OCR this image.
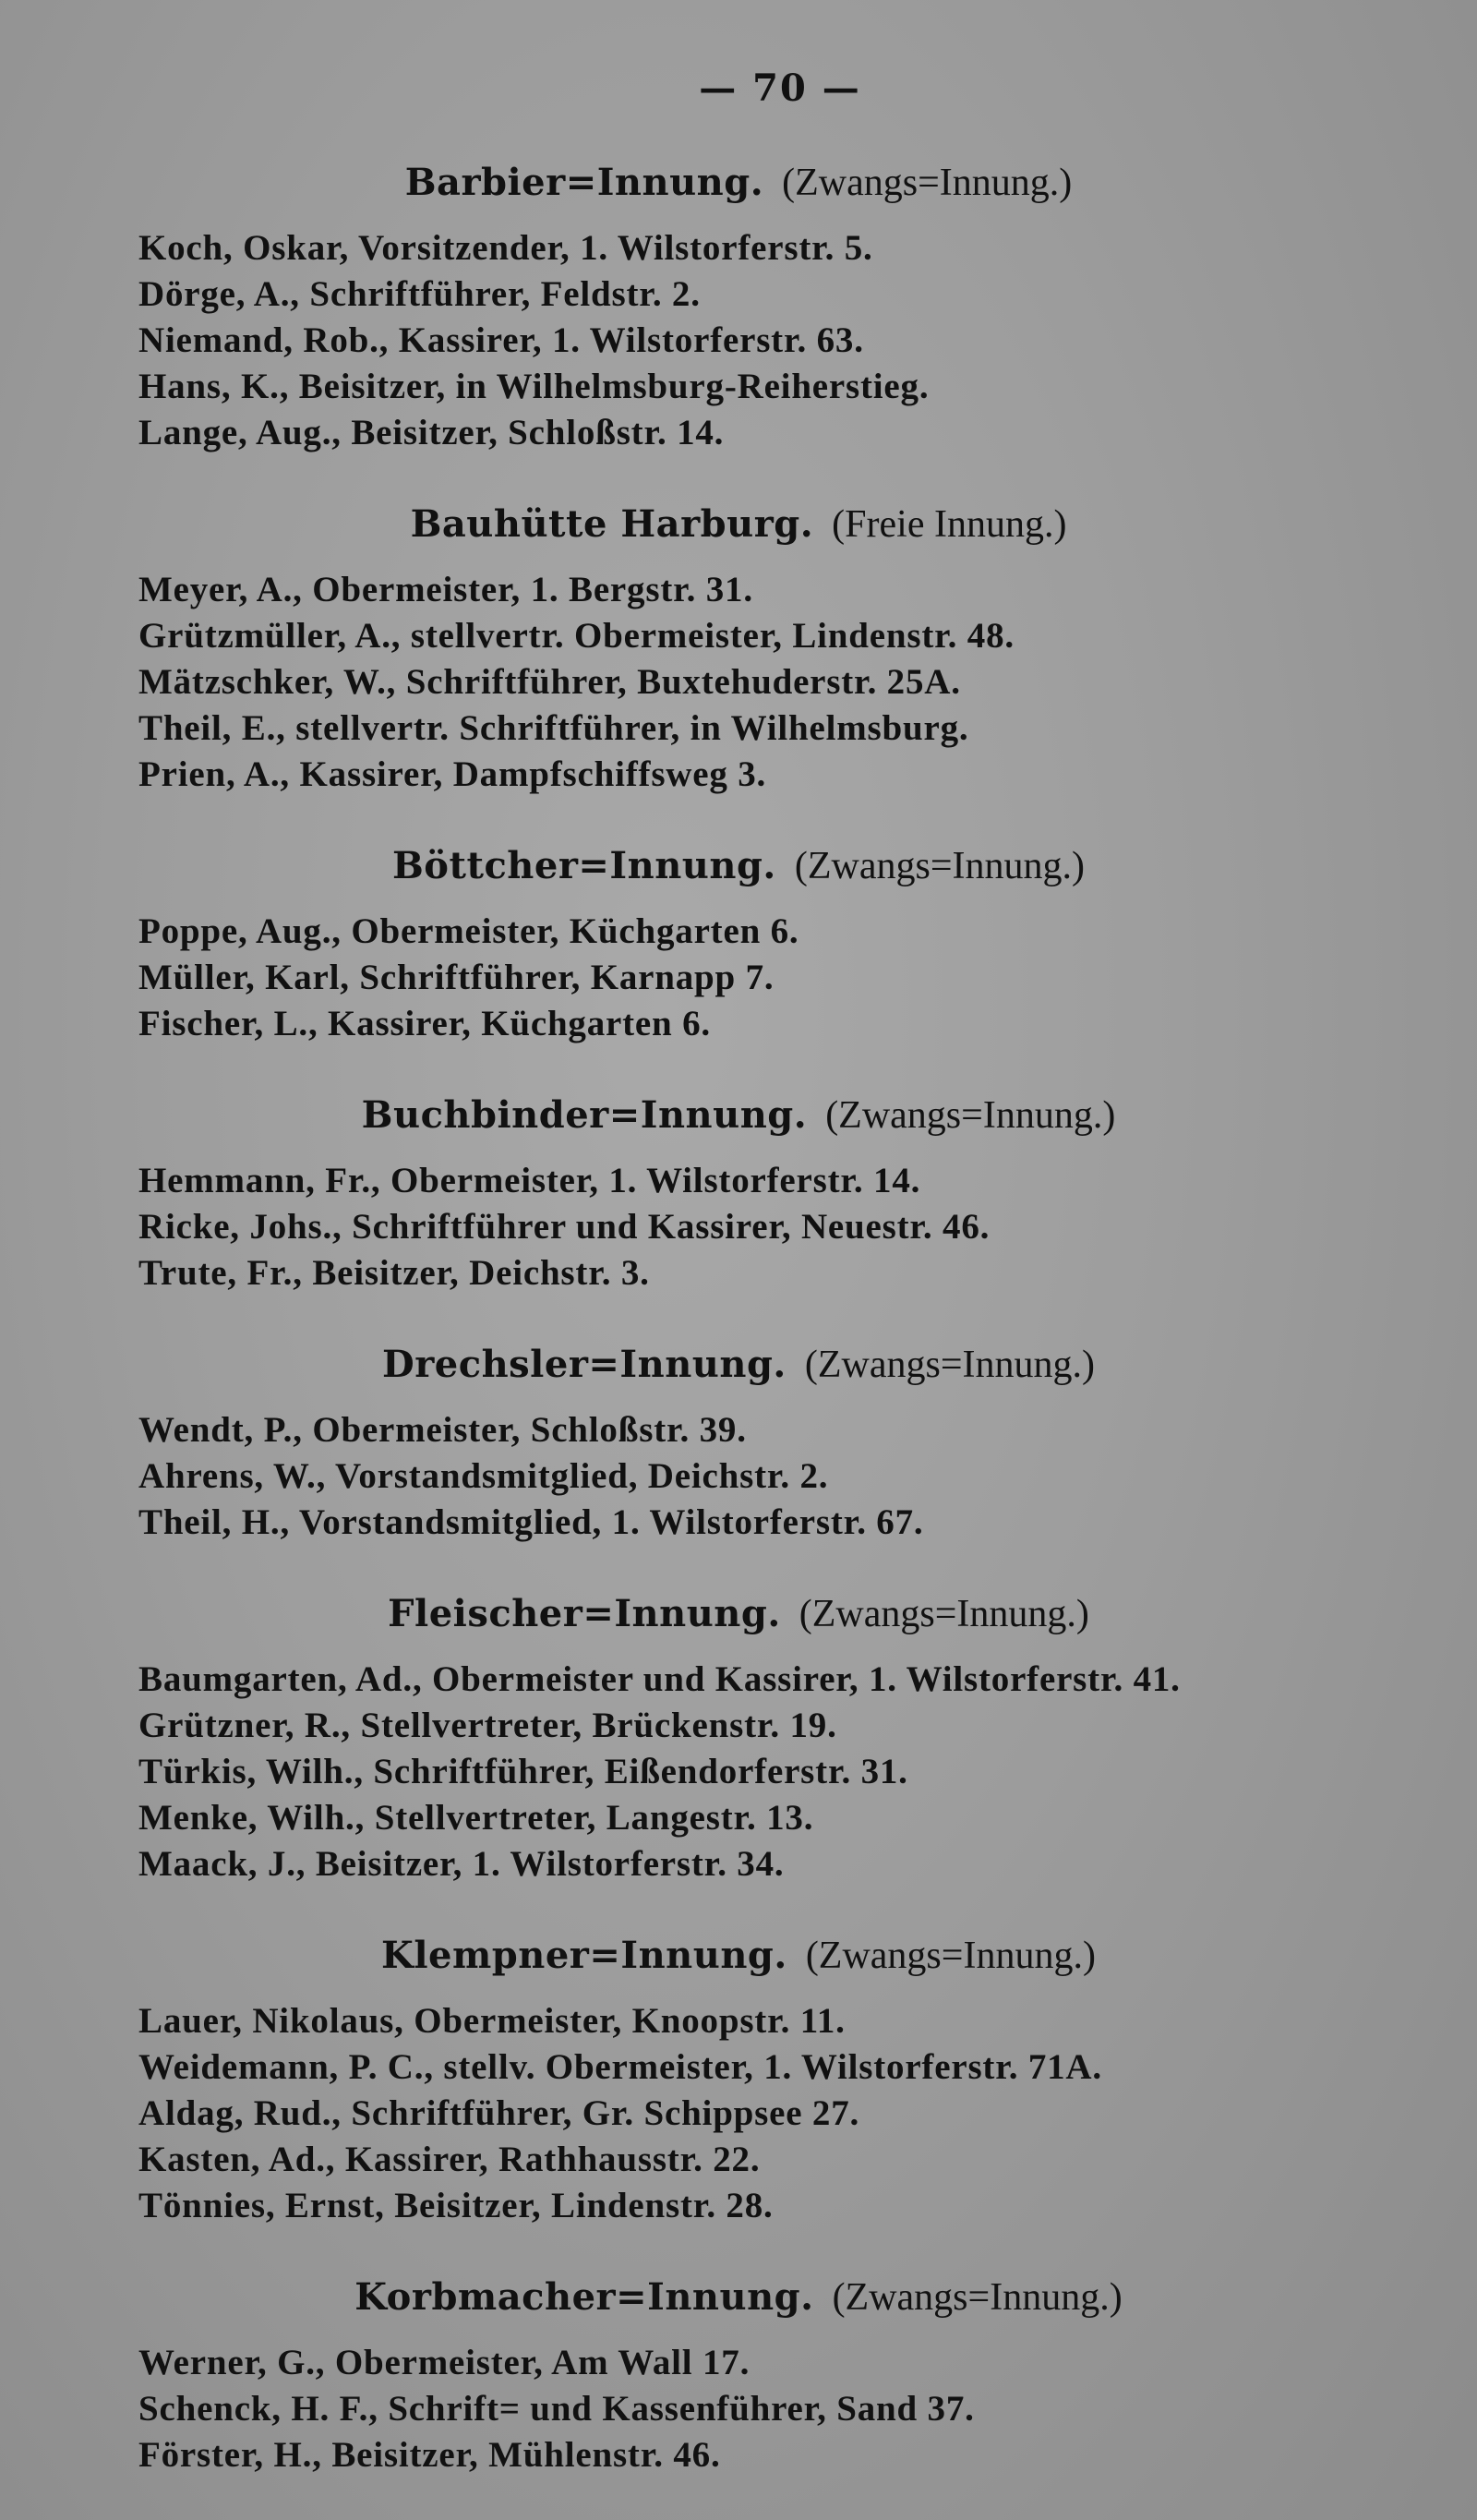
— 70 —
Barbier=Innung. (Zwangs=Innung.)
Koch, Oskar, Vorsitzender, 1. Wilstorferstr. 5.
Dörge, A., Schriftführer, Feldstr. 2.
Niemand, Rob., Kassirer, 1. Wilstorferstr. 63.
Hans, K., Beisitzer, in Wilhelmsburg-Reiherstieg.
Lange, Aug., Beisitzer, Schloßstr. 14.
Bauhütte Harburg. (Freie Innung.)
Meyer, A., Obermeister, 1. Bergstr. 31.
Grützmüller, A., stellvertr. Obermeister, Lindenstr. 48.
Mätzschker, W., Schriftführer, Buxtehuderstr. 25A.
Theil, E., stellvertr. Schriftführer, in Wilhelmsburg.
Prien, A., Kassirer, Dampfschiffsweg 3.
Böttcher=Innung. (Zwangs=Innung.)
Poppe, Aug., Obermeister, Küchgarten 6.
Müller, Karl, Schriftführer, Karnapp 7.
Fischer, L., Kassirer, Küchgarten 6.
Buchbinder=Innung. (Zwangs=Innung.)
Hemmann, Fr., Obermeister, 1. Wilstorferstr. 14.
Ricke, Johs., Schriftführer und Kassirer, Neuestr. 46.
Trute, Fr., Beisitzer, Deichstr. 3.
Drechsler=Innung. (Zwangs=Innung.)
Wendt, P., Obermeister, Schloßstr. 39.
Ahrens, W., Vorstandsmitglied, Deichstr. 2.
Theil, H., Vorstandsmitglied, 1. Wilstorferstr. 67.
Fleischer=Innung. (Zwangs=Innung.)
Baumgarten, Ad., Obermeister und Kassirer, 1. Wilstorferstr. 41.
Grützner, R., Stellvertreter, Brückenstr. 19.
Türkis, Wilh., Schriftführer, Eißendorferstr. 31.
Menke, Wilh., Stellvertreter, Langestr. 13.
Maack, J., Beisitzer, 1. Wilstorferstr. 34.
Klempner=Innung. (Zwangs=Innung.)
Lauer, Nikolaus, Obermeister, Knoopstr. 11.
Weidemann, P. C., stellv. Obermeister, 1. Wilstorferstr. 71A.
Aldag, Rud., Schriftführer, Gr. Schippsee 27.
Kasten, Ad., Kassirer, Rathhausstr. 22.
Tönnies, Ernst, Beisitzer, Lindenstr. 28.
Korbmacher=Innung. (Zwangs=Innung.)
Werner, G., Obermeister, Am Wall 17.
Schenck, H. F., Schrift= und Kassenführer, Sand 37.
Förster, H., Beisitzer, Mühlenstr. 46.
